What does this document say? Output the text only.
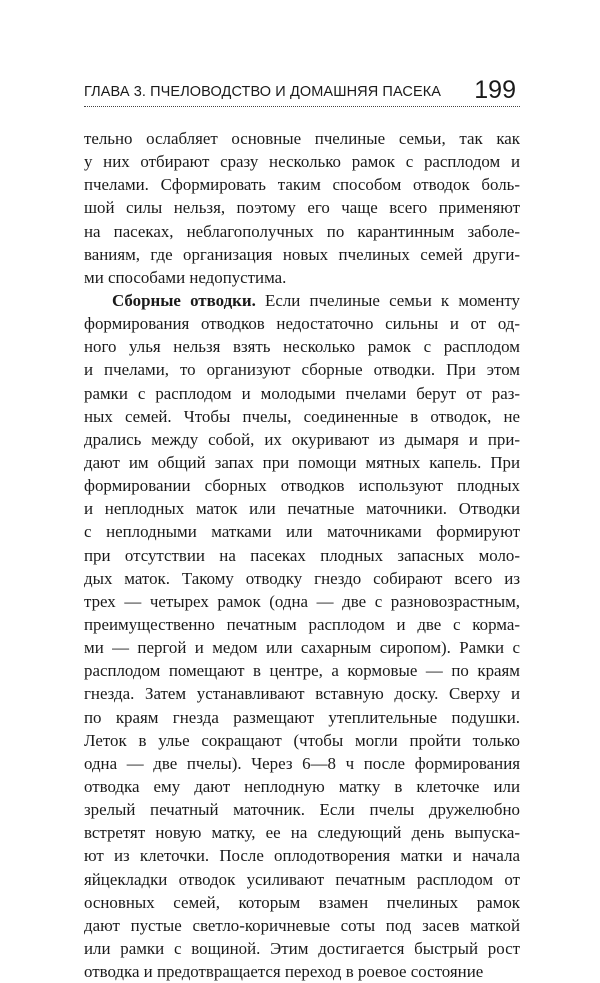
ГЛАВА 3. ПЧЕЛОВОДСТВО И ДОМАШНЯЯ ПАСЕКА 199
тельно ослабляет основные пчелиные семьи, так как
у них отбирают сразу несколько рамок с расплодом и
пчелами. Сформировать таким способом отводок боль-
шой силы нельзя, поэтому его чаще всего применяют
на пасеках, неблагополучных по карантинным заболе-
ваниям, где организация новых пчелиных семей други-
ми способами недопустима.
Сборные отводки. Если пчелиные семьи к моменту
формирования отводков недостаточно сильны и от од-
ного улья нельзя взять несколько рамок с расплодом
и пчелами, то организуют сборные отводки. При этом
рамки с расплодом и молодыми пчелами берут от раз-
ных семей. Чтобы пчелы, соединенные в отводок, не
дрались между собой, их окуривают из дымаря и при-
дают им общий запах при помощи мятных капель. При
формировании сборных отводков используют плодных
и неплодных маток или печатные маточники. Отводки
с неплодными матками или маточниками формируют
при отсутствии на пасеках плодных запасных моло-
дых маток. Такому отводку гнездо собирают всего из
трех — четырех рамок (одна — две с разновозрастным,
преимущественно печатным расплодом и две с корма-
ми — пергой и медом или сахарным сиропом). Рамки с
расплодом помещают в центре, а кормовые — по краям
гнезда. Затем устанавливают вставную доску. Сверху и
по краям гнезда размещают утеплительные подушки.
Леток в улье сокращают (чтобы могли пройти только
одна — две пчелы). Через 6—8 ч после формирования
отводка ему дают неплодную матку в клеточке или
зрелый печатный маточник. Если пчелы дружелюбно
встретят новую матку, ее на следующий день выпуска-
ют из клеточки. После оплодотворения матки и начала
яйцекладки отводок усиливают печатным расплодом от
основных семей, которым взамен пчелиных рамок
дают пустые светло-коричневые соты под засев маткой
или рамки с вощиной. Этим достигается быстрый рост
отводка и предотвращается переход в роевое состояние
